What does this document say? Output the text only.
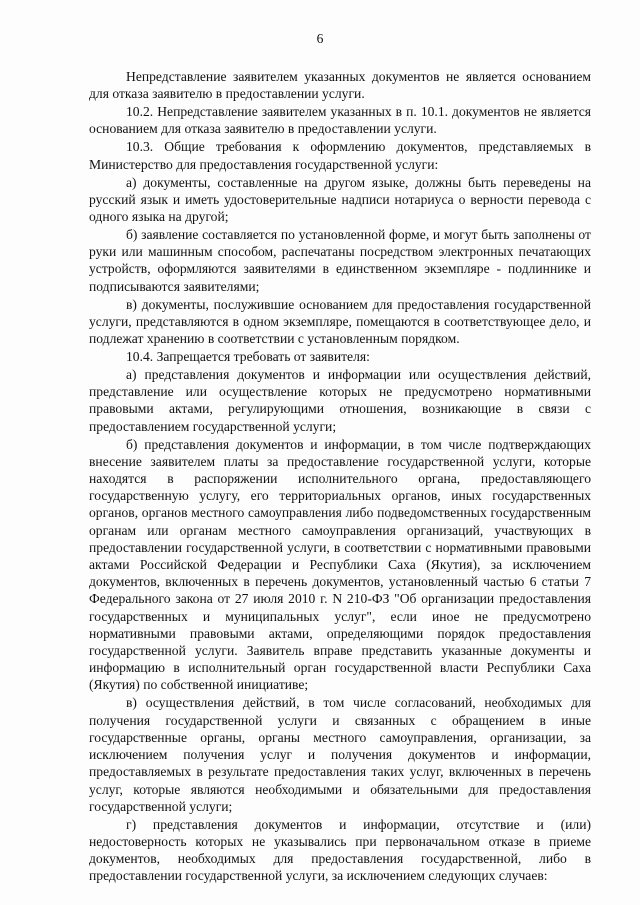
6

Непредставление заявителем указанных документов не является основанием для отказа заявителю в предоставлении услуги.

10.2. Непредставление заявителем указанных в п. 10.1. документов не является основанием для отказа заявителю в предоставлении услуги.

10.3. Общие требования к оформлению документов, представляемых в Министерство для предоставления государственной услуги:

а) документы, составленные на другом языке, должны быть переведены на русский язык и иметь удостоверительные надписи нотариуса о верности перевода с одного языка на другой;

б) заявление составляется по установленной форме, и могут быть заполнены от руки или машинным способом, распечатаны посредством электронных печатающих устройств, оформляются заявителями в единственном экземпляре - подлиннике и подписываются заявителями;

в) документы, послужившие основанием для предоставления государственной услуги, представляются в одном экземпляре, помещаются в соответствующее дело, и подлежат хранению в соответствии с установленным порядком.

10.4. Запрещается требовать от заявителя:

а) представления документов и информации или осуществления действий, представление или осуществление которых не предусмотрено нормативными правовыми актами, регулирующими отношения, возникающие в связи с предоставлением государственной услуги;

б) представления документов и информации, в том числе подтверждающих внесение заявителем платы за предоставление государственной услуги, которые находятся в распоряжении исполнительного органа, предоставляющего государственную услугу, его территориальных органов, иных государственных органов, органов местного самоуправления либо подведомственных государственным органам или органам местного самоуправления организаций, участвующих в предоставлении государственной услуги, в соответствии с нормативными правовыми актами Российской Федерации и Республики Саха (Якутия), за исключением документов, включенных в перечень документов, установленный частью 6 статьи 7 Федерального закона от 27 июля 2010 г. N 210-ФЗ "Об организации предоставления государственных и муниципальных услуг", если иное не предусмотрено нормативными правовыми актами, определяющими порядок предоставления государственной услуги. Заявитель вправе представить указанные документы и информацию в исполнительный орган государственной власти Республики Саха (Якутия) по собственной инициативе;

в) осуществления действий, в том числе согласований, необходимых для получения государственной услуги и связанных с обращением в иные государственные органы, органы местного самоуправления, организации, за исключением получения услуг и получения документов и информации, предоставляемых в результате предоставления таких услуг, включенных в перечень услуг, которые являются необходимыми и обязательными для предоставления государственной услуги;

г) представления документов и информации, отсутствие и (или) недостоверность которых не указывались при первоначальном отказе в приеме документов, необходимых для предоставления государственной, либо в предоставлении государственной услуги, за исключением следующих случаев:
